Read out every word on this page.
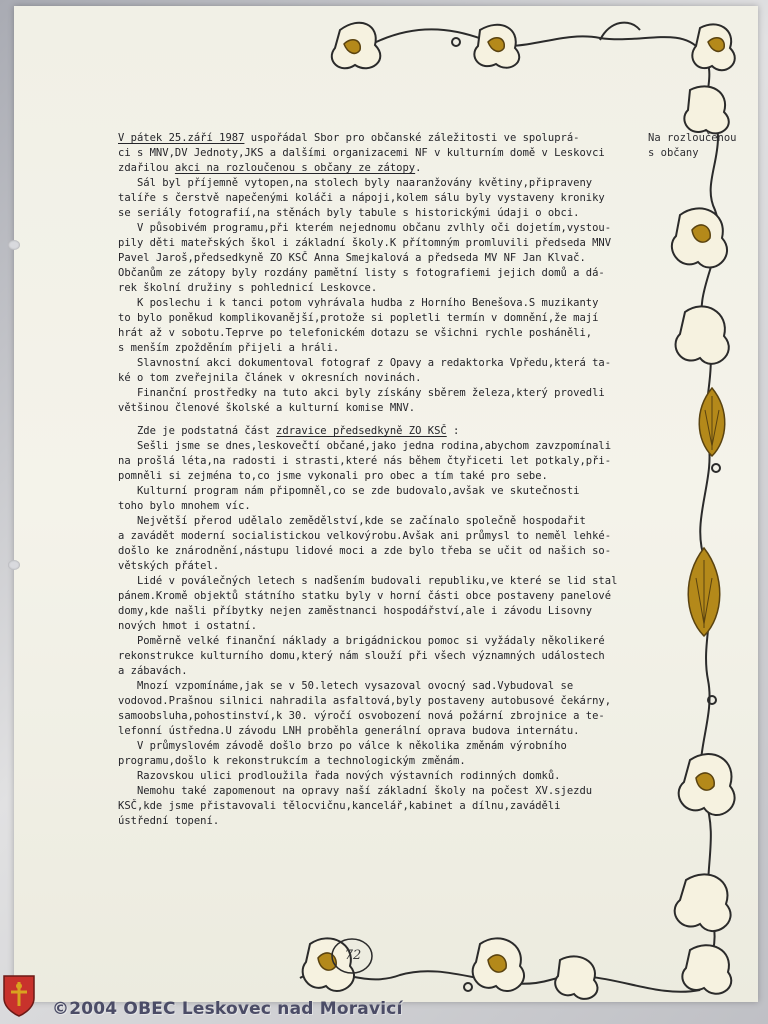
Na rozloučenou
s občany
V pátek 25.září 1987 uspořádal Sbor pro občanské záležitosti ve spoluprá-
ci s MNV,DV Jednoty,JKS a dalšími organizacemi NF v kulturním domě v Leskovci
zdařilou akci na rozloučenou s občany ze zátopy.
Sál byl příjemně vytopen,na stolech byly naaranžovány květiny,připraveny
talíře s čerstvě napečenými koláči a nápoji,kolem sálu byly vystaveny kroniky
se seriály fotografií,na stěnách byly tabule s historickými údaji o obci.
V působivém programu,při kterém nejednomu občanu zvlhly oči dojetím,vystou-
pily děti mateřských škol i základní školy.K přítomným promluvili předseda MNV
Pavel Jaroš,předsedkyně ZO KSČ Anna Smejkalová a předseda MV NF Jan Klvač.
Občanům ze zátopy byly rozdány pamětní listy s fotografiemi jejich domů a dá-
rek školní družiny s pohlednicí Leskovce.
K poslechu i k tanci potom vyhrávala hudba z Horního Benešova.S muzikanty
to bylo poněkud komplikovanější,protože si popletli termín v domnění,že mají
hrát až v sobotu.Teprve po telefonickém dotazu se všichni rychle posháněli,
s menším zpožděním přijeli a hráli.
Slavnostní akci dokumentoval fotograf z Opavy a redaktorka Vpředu,která ta-
ké o tom zveřejnila článek v okresních novinách.
Finanční prostředky na tuto akci byly získány sběrem železa,který provedli
většinou členové školské a kulturní komise MNV.
Zde je podstatná část zdravice předsedkyně ZO KSČ :
Sešli jsme se dnes,leskovečtí občané,jako jedna rodina,abychom zavzpomínali
na prošlá léta,na radosti i strasti,které nás během čtyřiceti let potkaly,při-
pomněli si zejména to,co jsme vykonali pro obec a tím také pro sebe.
Kulturní program nám připomněl,co se zde budovalo,avšak ve skutečnosti
toho bylo mnohem víc.
Největší přerod udělalo zemědělství,kde se začínalo společně hospodařit
a zavádět moderní socialistickou velkovýrobu.Avšak ani průmysl to neměl lehké-
došlo ke znárodnění,nástupu lidové moci a zde bylo třeba se učit od našich so-
větských přátel.
Lidé v poválečných letech s nadšením budovali republiku,ve které se lid stal
pánem.Kromě objektů státního statku byly v horní části obce postaveny panelové
domy,kde našli příbytky nejen zaměstnanci hospodářství,ale i závodu Lisovny
nových hmot i ostatní.
Poměrně velké finanční náklady a brigádnickou pomoc si vyžádaly několikeré
rekonstrukce kulturního domu,který nám slouží při všech významných událostech
a zábavách.
Mnozí vzpomínáme,jak se v 50.letech vysazoval ovocný sad.Vybudoval se
vodovod.Prašnou silnici nahradila asfaltová,byly postaveny autobusové čekárny,
samoobsluha,pohostinství,k 30. výročí osvobození nová požární zbrojnice a te-
lefonní ústředna.U závodu LNH proběhla generální oprava budova internátu.
V průmyslovém závodě došlo brzo po válce k několika změnám výrobního
programu,došlo k rekonstrukcím a technologickým změnám.
Razovskou ulici prodloužila řada nových výstavních rodinných domků.
Nemohu také zapomenout na opravy naší základní školy na počest XV.sjezdu
KSČ,kde jsme přistavovali tělocvičnu,kancelář,kabinet a dílnu,zaváděli
ústřední topení.
72
©2004 OBEC Leskovec nad Moravicí
